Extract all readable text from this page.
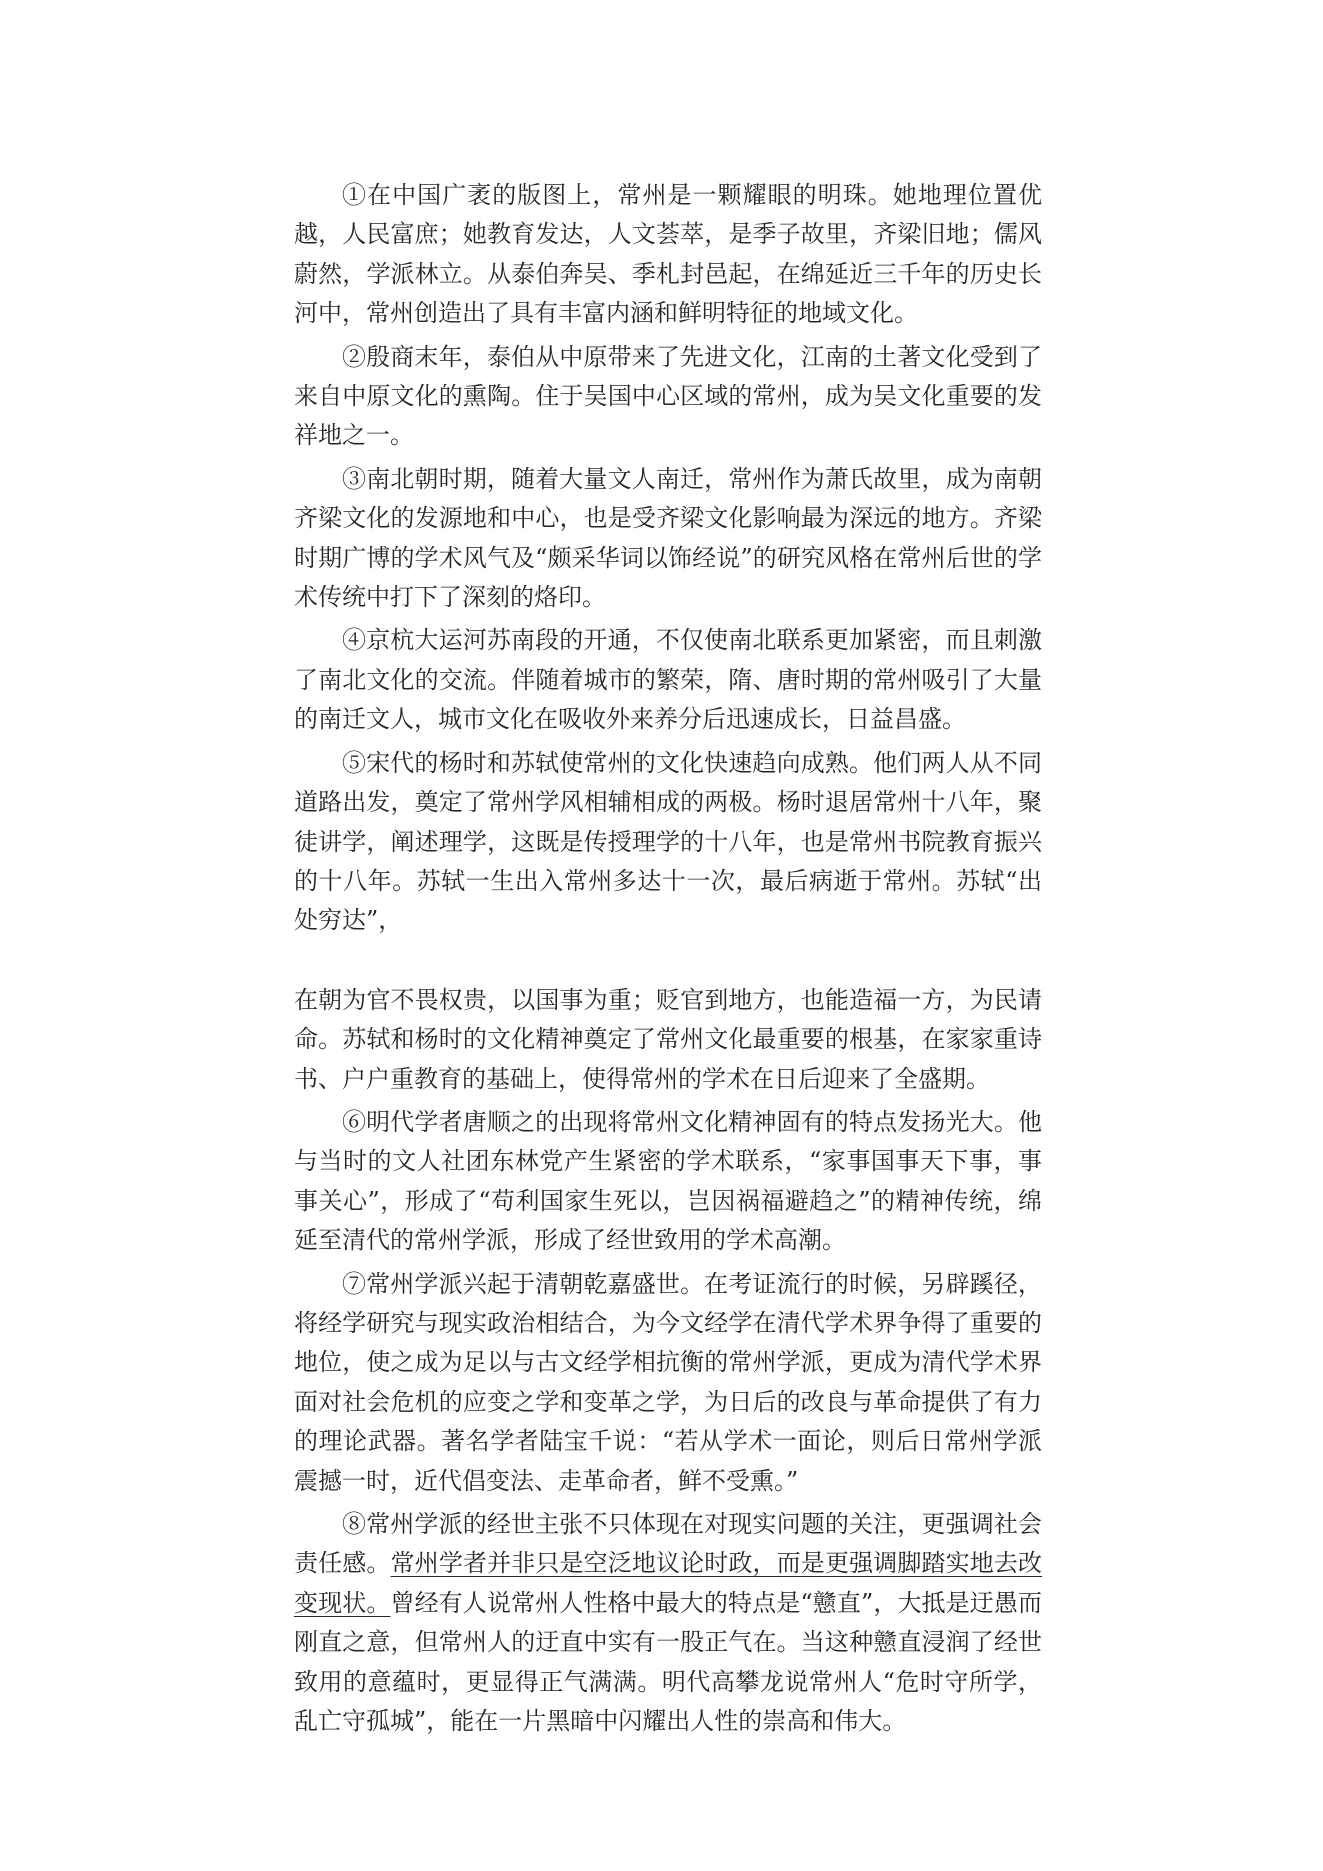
①在中国广袤的版图上，常州是一颗耀眼的明珠。她地理位置优越，人民富庶；她教育发达，人文荟萃，是季子故里，齐梁旧地；儒风蔚然，学派林立。从泰伯奔吴、季札封邑起，在绵延近三千年的历史长河中，常州创造出了具有丰富内涵和鲜明特征的地域文化。

②殷商末年，泰伯从中原带来了先进文化，江南的土著文化受到了来自中原文化的熏陶。住于吴国中心区域的常州，成为吴文化重要的发祥地之一。

③南北朝时期，随着大量文人南迁，常州作为萧氏故里，成为南朝齐梁文化的发源地和中心，也是受齐梁文化影响最为深远的地方。齐梁时期广博的学术风气及“颇采华词以饰经说”的研究风格在常州后世的学术传统中打下了深刻的烙印。

④京杭大运河苏南段的开通，不仅使南北联系更加紧密，而且刺激了南北文化的交流。伴随着城市的繁荣，隋、唐时期的常州吸引了大量的南迁文人，城市文化在吸收外来养分后迅速成长，日益昌盛。

⑤宋代的杨时和苏轼使常州的文化快速趋向成熟。他们两人从不同道路出发，奠定了常州学风相辅相成的两极。杨时退居常州十八年，聚徒讲学，阐述理学，这既是传授理学的十八年，也是常州书院教育振兴的十八年。苏轼一生出入常州多达十一次，最后病逝于常州。苏轼“出处穷达”，

在朝为官不畏权贵，以国事为重；贬官到地方，也能造福一方，为民请命。苏轼和杨时的文化精神奠定了常州文化最重要的根基，在家家重诗书、户户重教育的基础上，使得常州的学术在日后迎来了全盛期。

⑥明代学者唐顺之的出现将常州文化精神固有的特点发扬光大。他与当时的文人社团东林党产生紧密的学术联系，“家事国事天下事，事事关心”，形成了“苟利国家生死以，岂因祸福避趋之”的精神传统，绵延至清代的常州学派，形成了经世致用的学术高潮。

⑦常州学派兴起于清朝乾嘉盛世。在考证流行的时候，另辟蹊径，将经学研究与现实政治相结合，为今文经学在清代学术界争得了重要的地位，使之成为足以与古文经学相抗衡的常州学派，更成为清代学术界面对社会危机的应变之学和变革之学，为日后的改良与革命提供了有力的理论武器。著名学者陆宝千说：“若从学术一面论，则后日常州学派震撼一时，近代倡变法、走革命者，鲜不受熏。”

⑧常州学派的经世主张不只体现在对现实问题的关注，更强调社会责任感。常州学者并非只是空泛地议论时政，而是更强调脚踏实地去改变现状。曾经有人说常州人性格中最大的特点是“戆直”，大抵是迂愚而刚直之意，但常州人的迂直中实有一股正气在。当这种戆直浸润了经世致用的意蕴时，更显得正气满满。明代高攀龙说常州人“危时守所学，乱亡守孤城”，能在一片黑暗中闪耀出人性的崇高和伟大。
